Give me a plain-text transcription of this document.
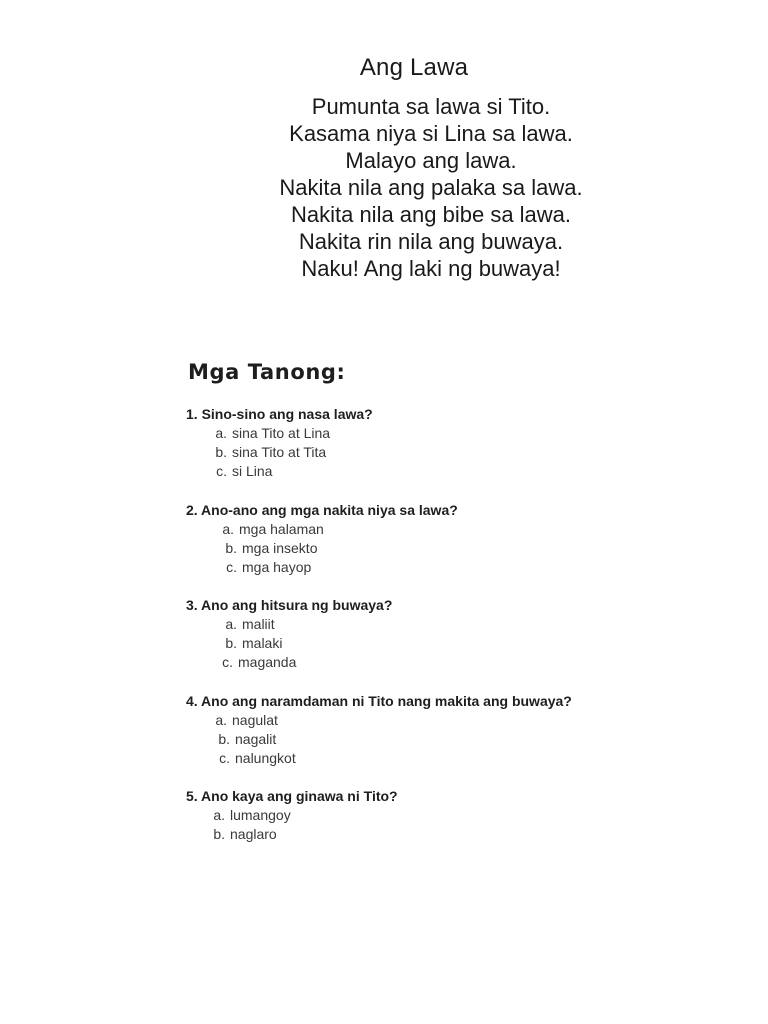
Ang Lawa
Pumunta sa lawa si Tito.
Kasama niya si Lina sa lawa.
Malayo ang lawa.
Nakita nila ang palaka sa lawa.
Nakita nila ang bibe sa lawa.
Nakita rin nila ang buwaya.
Naku! Ang laki ng buwaya!
Mga Tanong:
1. Sino-sino ang nasa lawa?
a. sina Tito at Lina
b. sina Tito at Tita
c. si Lina
2. Ano-ano ang mga nakita niya sa lawa?
a. mga halaman
b. mga insekto
c. mga hayop
3. Ano ang hitsura ng buwaya?
a. maliit
b. malaki
c. maganda
4. Ano ang naramdaman ni Tito nang makita ang buwaya?
a. nagulat
b. nagalit
c. nalungkot
5. Ano kaya ang ginawa ni Tito?
a. lumangoy
b. naglaro
